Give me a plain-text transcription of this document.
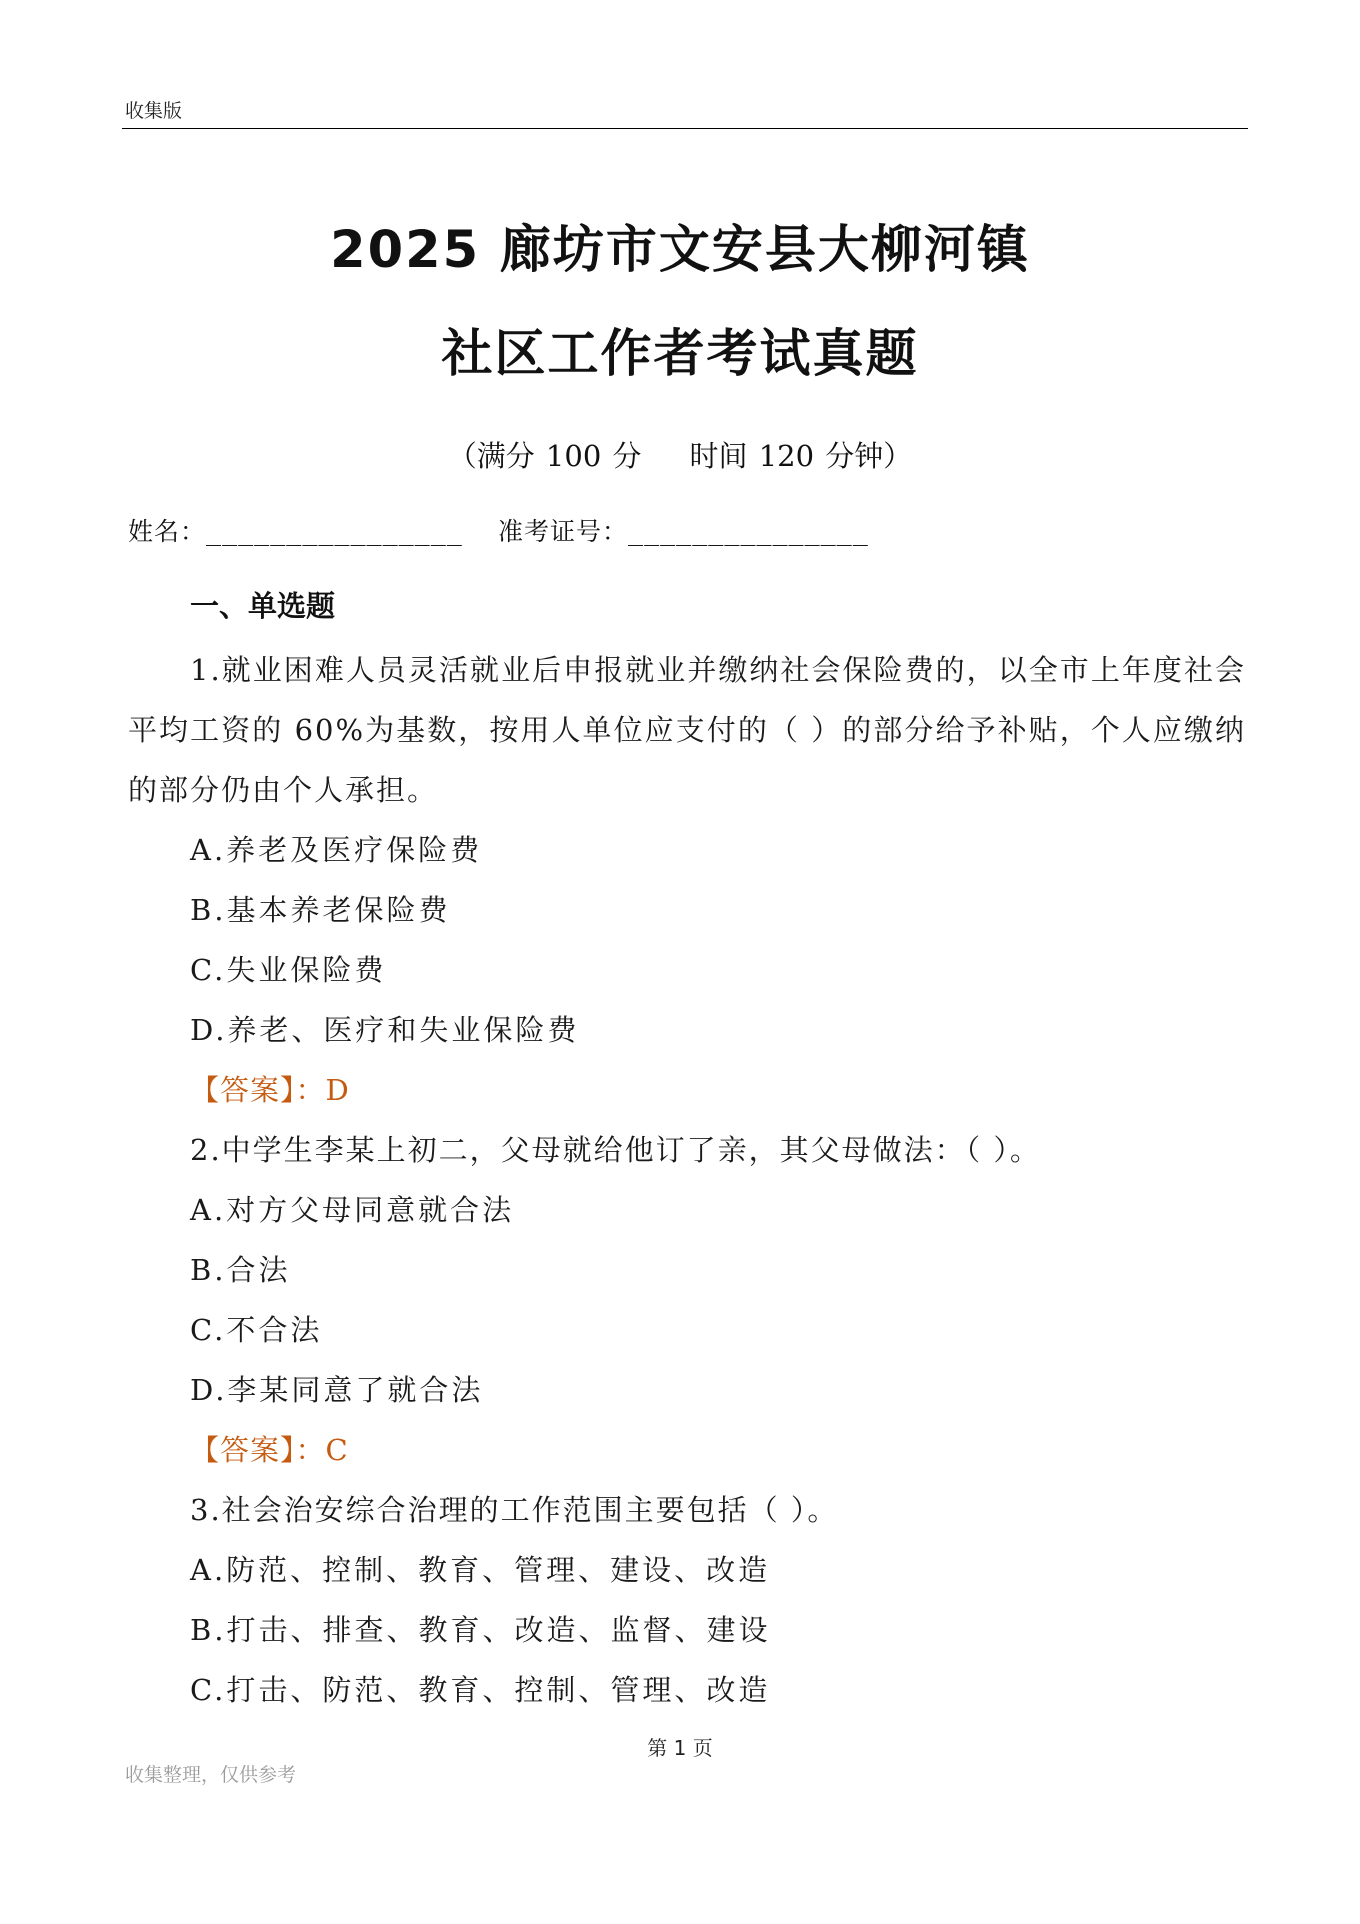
收集版
2025 廊坊市文安县大柳河镇
社区工作者考试真题
（满分 100 分 时间 120 分钟）
姓名：________________ 准考证号：_______________
一、单选题

1.就业困难人员灵活就业后申报就业并缴纳社会保险费的，以全市上年度社会平均工资的 60%为基数，按用人单位应支付的（ ）的部分给予补贴，个人应缴纳的部分仍由个人承担。

A.养老及医疗保险费

B.基本养老保险费

C.失业保险费

D.养老、医疗和失业保险费

【答案】：D

2.中学生李某上初二，父母就给他订了亲，其父母做法：（ ）。

A.对方父母同意就合法

B.合法

C.不合法

D.李某同意了就合法

【答案】：C

3.社会治安综合治理的工作范围主要包括（ ）。

A.防范、控制、教育、管理、建设、改造

B.打击、排查、教育、改造、监督、建设

C.打击、防范、教育、控制、管理、改造

第 1 页
收集整理，仅供参考
